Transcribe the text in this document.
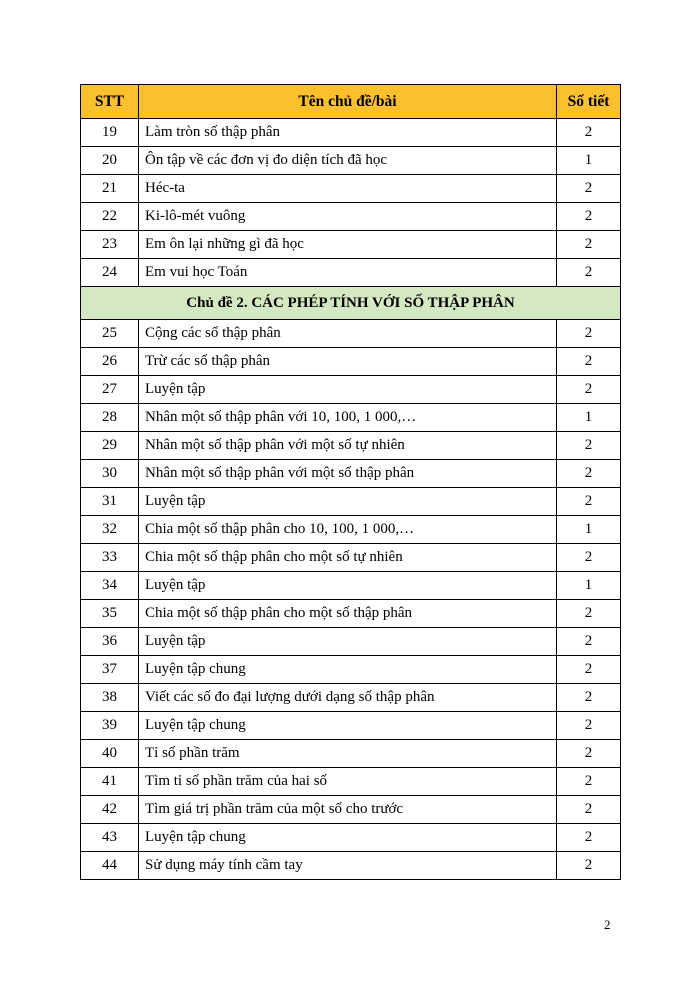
STT	Tên chủ đề/bài	Số tiết
19	Làm tròn số thập phân	2
20	Ôn tập về các đơn vị đo diện tích đã học	1
21	Héc-ta	2
22	Ki-lô-mét vuông	2
23	Em ôn lại những gì đã học	2
24	Em vui học Toán	2
Chủ đề 2. CÁC PHÉP TÍNH VỚI SỐ THẬP PHÂN		
25	Cộng các số thập phân	2
26	Trừ các số thập phân	2
27	Luyện tập	2
28	Nhân một số thập phân với 10, 100, 1 000,…	1
29	Nhân một số thập phân với một số tự nhiên	2
30	Nhân một số thập phân với một số thập phân	2
31	Luyện tập	2
32	Chia một số thập phân cho 10, 100, 1 000,…	1
33	Chia một số thập phân cho một số tự nhiên	2
34	Luyện tập	1
35	Chia một số thập phân cho một số thập phân	2
36	Luyện tập	2
37	Luyện tập chung	2
38	Viết các số đo đại lượng dưới dạng số thập phân	2
39	Luyện tập chung	2
40	Tỉ số phần trăm	2
41	Tìm tỉ số phần trăm của hai số	2
42	Tìm giá trị phần trăm của một số cho trước	2
43	Luyện tập chung	2
44	Sử dụng máy tính cầm tay	2
2
